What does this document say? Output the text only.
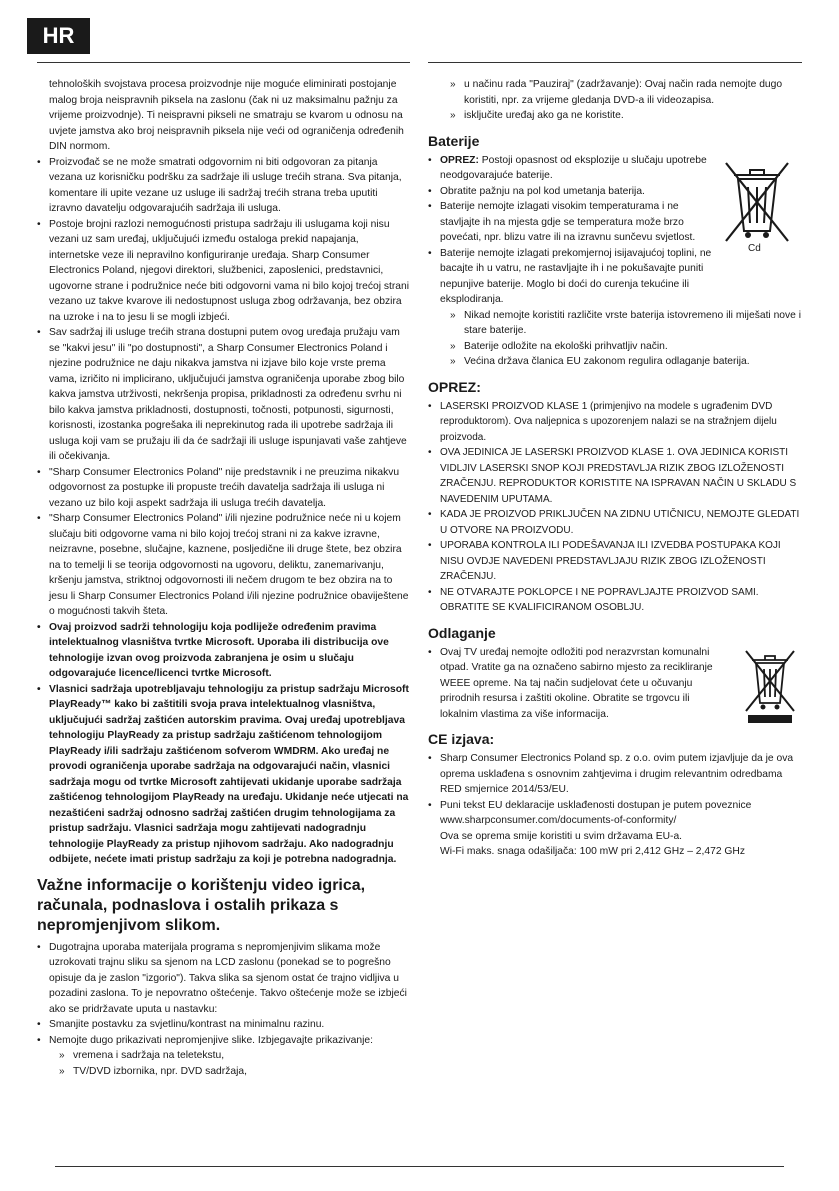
HR
tehnoloških svojstava procesa proizvodnje nije moguće eliminirati postojanje malog broja neispravnih piksela na zaslonu (čak ni uz maksimalnu pažnju za vrijeme proizvodnje). Ti neispravni pikseli ne smatraju se kvarom u odnosu na uvjete jamstva ako broj neispravnih piksela nije veći od ograničenja određenih DIN normom.
• Proizvođač se ne može smatrati odgovornim ni biti odgovoran za pitanja vezana uz korisničku podršku za sadržaje ili usluge trećih strana. Sva pitanja, komentare ili upite vezane uz usluge ili sadržaj trećih strana treba uputiti izravno davatelju odgovarajućih sadržaja ili usluga.
• Postoje brojni razlozi nemogućnosti pristupa sadržaju ili uslugama koji nisu vezani uz sam uređaj, uključujući između ostaloga prekid napajanja, internetske veze ili nepravilno konfiguriranje uređaja. Sharp Consumer Electronics Poland, njegovi direktori, službenici, zaposlenici, predstavnici, ugovorne strane i podružnice neće biti odgovorni vama ni bilo kojoj trećoj strani vezano uz takve kvarove ili nedostupnost usluga zbog održavanja, bez obzira na uzroke i na to jesu li se mogli izbjeći.
• Sav sadržaj ili usluge trećih strana dostupni putem ovog uređaja pružaju vam se "kakvi jesu" ili "po dostupnosti", a Sharp Consumer Electronics Poland i njezine podružnice ne daju nikakva jamstva ni izjave bilo koje vrste prema vama, izričito ni implicirano, uključujući jamstva ograničenja uporabe zbog bilo kakva jamstva utrživosti, nekršenja propisa, prikladnosti za određenu svrhu ni bilo kakva jamstva prikladnosti, dostupnosti, točnosti, potpunosti, sigurnosti, korisnosti, izostanka pogrešaka ili neprekinutog rada ili upotrebe sadržaja ili usluga koji vam se pružaju ili da će sadržaji ili usluge ispunjavati vaše zahtjeve ili očekivanja.
• "Sharp Consumer Electronics Poland" nije predstavnik i ne preuzima nikakvu odgovornost za postupke ili propuste trećih davatelja sadržaja ili usluga ni vezano uz bilo koji aspekt sadržaja ili usluga trećih davatelja.
• "Sharp Consumer Electronics Poland" i/ili njezine podružnice neće ni u kojem slučaju biti odgovorne vama ni bilo kojoj trećoj strani ni za kakve izravne, neizravne, posebne, slučajne, kaznene, posljedične ili druge štete, bez obzira na to temelji li se teorija odgovornosti na ugovoru, deliktu, zanemarivanju, kršenju jamstva, striktnoj odgovornosti ili nečem drugom te bez obzira na to jesu li Sharp Consumer Electronics Poland i/ili njezine podružnice obaviještene o mogućnosti takvih šteta.
• Ovaj proizvod sadrži tehnologiju koja podliježe određenim pravima intelektualnog vlasništva tvrtke Microsoft. Uporaba ili distribucija ove tehnologije izvan ovog proizvoda zabranjena je osim u slučaju odgovarajuće licence/licenci tvrtke Microsoft.
• Vlasnici sadržaja upotrebljavaju tehnologiju za pristup sadržaju Microsoft PlayReady™ kako bi zaštitili svoja prava intelektualnog vlasništva, uključujući sadržaj zaštićen autorskim pravima. Ovaj uređaj upotrebljava tehnologiju PlayReady za pristup sadržaju zaštićenom tehnologijom PlayReady i/ili sadržaju zaštićenom sofverom WMDRM. Ako uređaj ne provodi ograničenja uporabe sadržaja na odgovarajući način, vlasnici sadržaja mogu od tvrtke Microsoft zahtijevati ukidanje uporabe sadržaja zaštićenog tehnologijom PlayReady na uređaju. Ukidanje neće utjecati na nezaštićeni sadržaj odnosno sadržaj zaštićen drugim tehnologijama za pristup sadržaju. Vlasnici sadržaja mogu zahtijevati nadogradnju tehnologije PlayReady za pristup njihovom sadržaju. Ako nadogradnju odbijete, nećete imati pristup sadržaju za koji je potrebna nadogradnja.
Važne informacije o korištenju video igrica, računala, podnaslova i ostalih prikaza s nepromjenjivom slikom.
• Dugotrajna uporaba materijala programa s nepromjenjivim slikama može uzrokovati trajnu sliku sa sjenom na LCD zaslonu (ponekad se to pogrešno opisuje da je zaslon "izgorio"). Takva slika sa sjenom ostat će trajno vidljiva u pozadini zaslona. To je nepovratno oštećenje. Takvo oštećenje može se izbjeći ako se pridržavate uputa u nastavku:
• Smanjite postavku za svjetlinu/kontrast na minimalnu razinu.
• Nemojte dugo prikazivati nepromjenjive slike. Izbjegavajte prikazivanje:
» vremena i sadržaja na teletekstu,
» TV/DVD izbornika, npr. DVD sadržaja,
» u načinu rada "Pauziraj" (zadržavanje): Ovaj način rada nemojte dugo koristiti, npr. za vrijeme gledanja DVD-a ili videozapisa.
» isključite uređaj ako ga ne koristite.
Baterije
Cd
• OPREZ: Postoji opasnost od eksplozije u slučaju upotrebe neodgovarajuće baterije.
• Obratite pažnju na pol kod umetanja baterija.
• Baterije nemojte izlagati visokim temperaturama i ne stavljajte ih na mjesta gdje se temperatura može brzo povećati, npr. blizu vatre ili na izravnu sunčevu svjetlost.
• Baterije nemojte izlagati prekomjernoj isijavajućoj toplini, ne bacajte ih u vatru, ne rastavljajte ih i ne pokušavajte puniti nepunjive baterije. Moglo bi doći do curenja tekućine ili eksplodiranja.
» Nikad nemojte koristiti različite vrste baterija istovremeno ili miješati nove i stare baterije.
» Baterije odložite na ekološki prihvatljiv način.
» Većina država članica EU zakonom regulira odlaganje baterija.
OPREZ:
• LASERSKI PROIZVOD KLASE 1 (primjenjivo na modele s ugrađenim DVD reproduktorom). Ova naljepnica s upozorenjem nalazi se na stražnjem dijelu proizvoda.
• OVA JEDINICA JE LASERSKI PROIZVOD KLASE 1. OVA JEDINICA KORISTI VIDLJIV LASERSKI SNOP KOJI PREDSTAVLJA RIZIK ZBOG IZLOŽENOSTI ZRAČENJU. REPRODUKTOR KORISTITE NA ISPRAVAN NAČIN U SKLADU S NAVEDENIM UPUTAMA.
• KADA JE PROIZVOD PRIKLJUČEN NA ZIDNU UTIČNICU, NEMOJTE GLEDATI U OTVORE NA PROIZVODU.
• UPORABA KONTROLA ILI PODEŠAVANJA ILI IZVEDBA POSTUPAKA KOJI NISU OVDJE NAVEDENI PREDSTAVLJAJU RIZIK ZBOG IZLOŽENOSTI ZRAČENJU.
• NE OTVARAJTE POKLOPCE I NE POPRAVLJAJTE PROIZVOD SAMI. OBRATITE SE KVALIFICIRANOM OSOBLJU.
Odlaganje
• Ovaj TV uređaj nemojte odložiti pod nerazvrstan komunalni otpad. Vratite ga na označeno sabirno mjesto za recikliranje WEEE opreme. Na taj način sudjelovat ćete u očuvanju prirodnih resursa i zaštiti okoline. Obratite se trgovcu ili lokalnim vlastima za više informacija.
CE izjava:
• Sharp Consumer Electronics Poland sp. z o.o. ovim putem izjavljuje da je ova oprema usklađena s osnovnim zahtjevima i drugim relevantnim odredbama RED smjernice 2014/53/EU.
• Puni tekst EU deklaracije usklađenosti dostupan je putem poveznice
www.sharpconsumer.com/documents-of-conformity/
Ova se oprema smije koristiti u svim državama EU-a.
Wi-Fi maks. snaga odašiljača: 100 mW pri 2,412 GHz – 2,472 GHz
